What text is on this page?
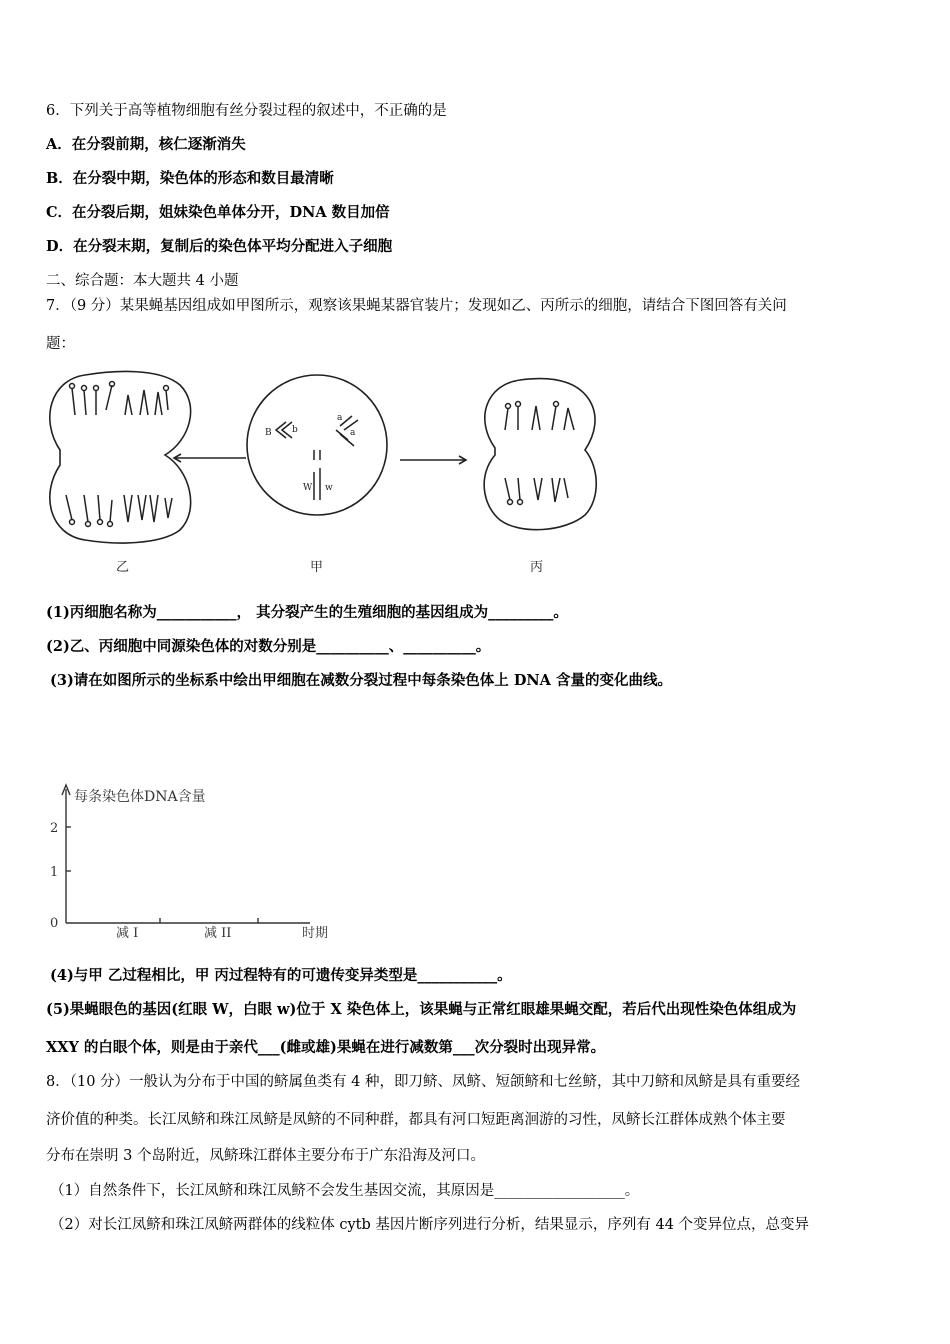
6．下列关于高等植物细胞有丝分裂过程的叙述中，不正确的是
A．在分裂前期，核仁逐渐消失
B．在分裂中期，染色体的形态和数目最清晰
C．在分裂后期，姐妹染色单体分开，DNA 数目加倍
D．在分裂末期，复制后的染色体平均分配进入子细胞
二、综合题：本大题共 4 小题
7．（9 分）某果蝇基因组成如甲图所示，观察该果蝇某器官装片；发现如乙、丙所示的细胞，请结合下图回答有关问
题：
B b
a
a
W w
乙	甲	丙
(1)丙细胞名称为___________， 其分裂产生的生殖细胞的基因组成为_________。
(2)乙、丙细胞中同源染色体的对数分别是__________、__________。
(3)请在如图所示的坐标系中绘出甲细胞在减数分裂过程中每条染色体上 DNA 含量的变化曲线。
每条染色体DNA含量
2
1
0
减 I	减 II	时期
(4)与甲 乙过程相比，甲 丙过程特有的可遗传变异类型是___________。
(5)果蝇眼色的基因(红眼 W，白眼 w)位于 X 染色体上，该果蝇与正常红眼雄果蝇交配，若后代出现性染色体组成为
XXY 的白眼个体，则是由于亲代___(雌或雄)果蝇在进行减数第___次分裂时出现异常。
8．（10 分）一般认为分布于中国的鲚属鱼类有 4 种，即刀鲚、凤鲚、短颌鲚和七丝鲚，其中刀鲚和凤鲚是具有重要经
济价值的种类。长江凤鲚和珠江凤鲚是凤鲚的不同种群，都具有河口短距离洄游的习性，凤鲚长江群体成熟个体主要
分布在崇明 3 个岛附近，凤鲚珠江群体主要分布于广东沿海及河口。
（1）自然条件下，长江凤鲚和珠江凤鲚不会发生基因交流，其原因是__________________。
（2）对长江凤鲚和珠江凤鲚两群体的线粒体 cytb 基因片断序列进行分析，结果显示，序列有 44 个变异位点，总变异
